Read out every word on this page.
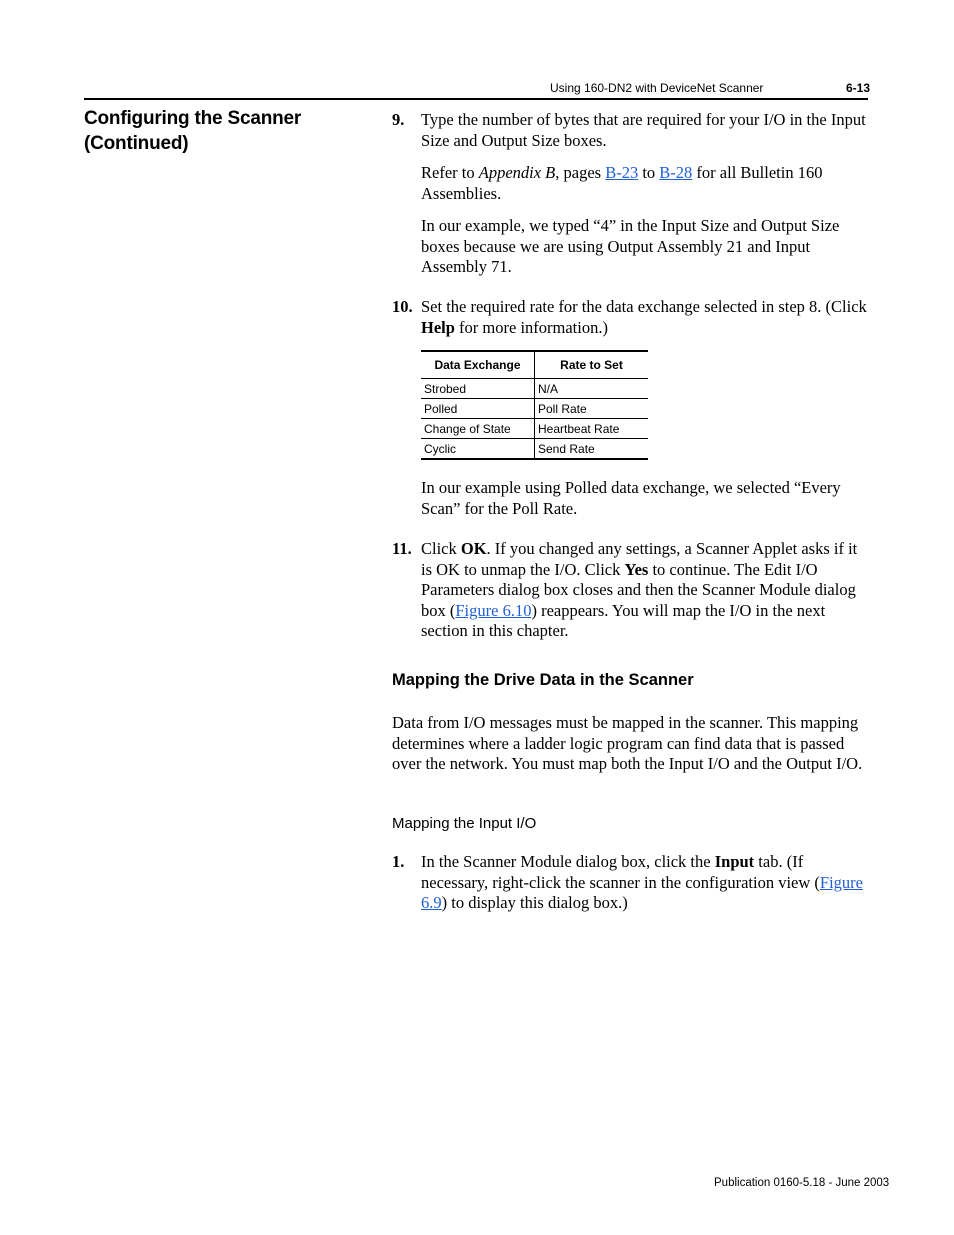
Using 160-DN2 with DeviceNet Scanner	6-13
Configuring the Scanner
(Continued)
9. Type the number of bytes that are required for your I/O in the Input Size and Output Size boxes.
Refer to Appendix B, pages B-23 to B-28 for all Bulletin 160 Assemblies.
In our example, we typed “4” in the Input Size and Output Size boxes because we are using Output Assembly 21 and Input Assembly 71.
10. Set the required rate for the data exchange selected in step 8. (Click Help for more information.)
Data Exchange	Rate to Set
Strobed	N/A
Polled	Poll Rate
Change of State	Heartbeat Rate
Cyclic	Send Rate
In our example using Polled data exchange, we selected “Every Scan” for the Poll Rate.
11. Click OK. If you changed any settings, a Scanner Applet asks if it is OK to unmap the I/O. Click Yes to continue. The Edit I/O Parameters dialog box closes and then the Scanner Module dialog box (Figure 6.10) reappears. You will map the I/O in the next section in this chapter.
Mapping the Drive Data in the Scanner
Data from I/O messages must be mapped in the scanner. This mapping determines where a ladder logic program can find data that is passed over the network. You must map both the Input I/O and the Output I/O.
Mapping the Input I/O
1. In the Scanner Module dialog box, click the Input tab. (If necessary, right-click the scanner in the configuration view (Figure 6.9) to display this dialog box.)
Publication 0160-5.18 - June 2003
